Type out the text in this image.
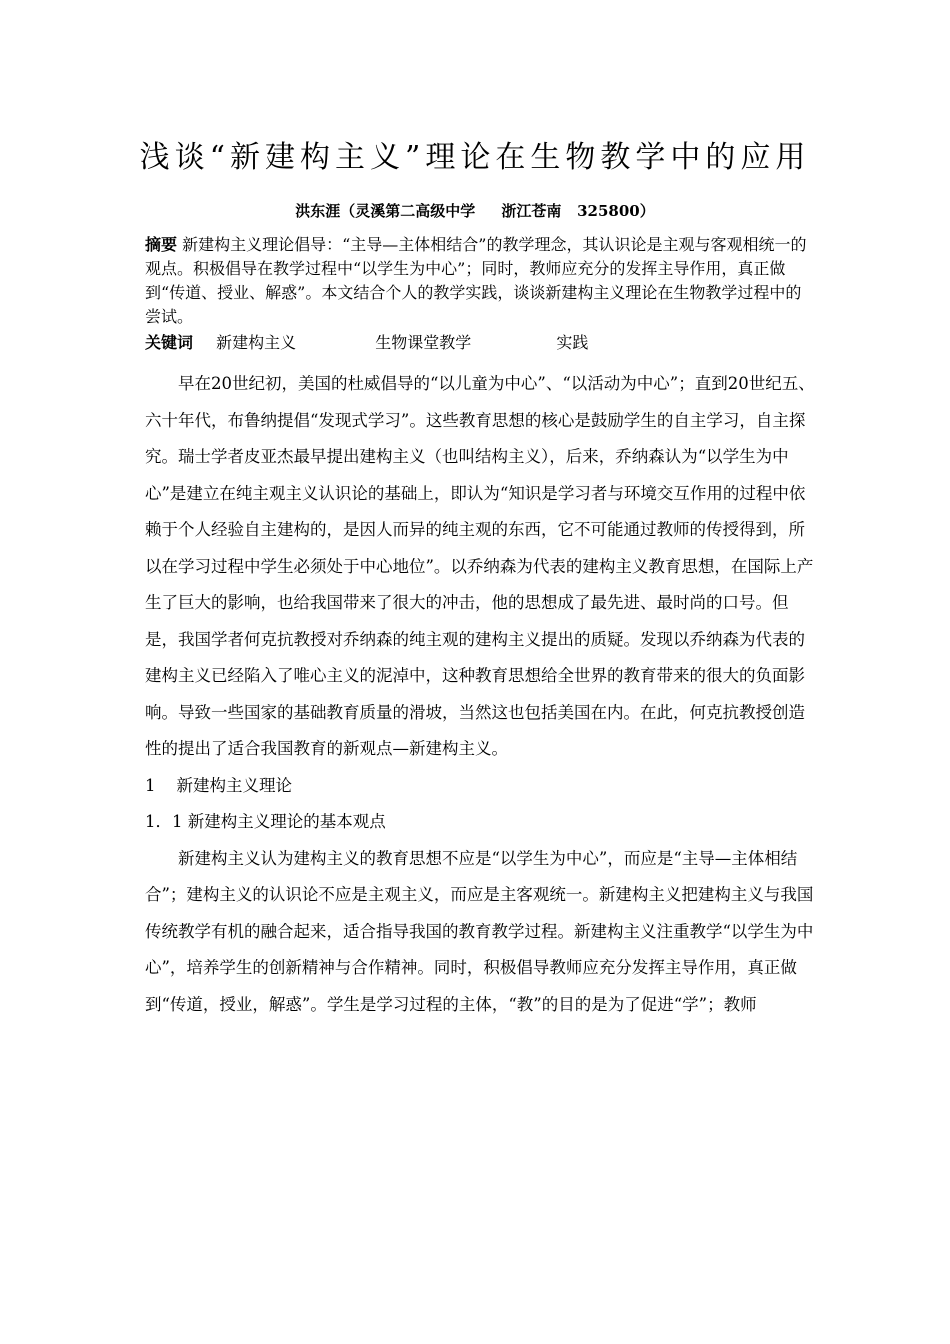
浅谈“新建构主义”理论在生物教学中的应用
洪东涯（灵溪第二高级中学     浙江苍南   325800）
摘要 新建构主义理论倡导：“主导—主体相结合”的教学理念，其认识论是主观与客观相统一的观点。积极倡导在教学过程中“以学生为中心”；同时，教师应充分的发挥主导作用，真正做到“传道、授业、解惑”。本文结合个人的教学实践，谈谈新建构主义理论在生物教学过程中的尝试。
关键词 新建构主义	生物课堂教学	实践

早在20世纪初，美国的杜威倡导的“以儿童为中心”、“以活动为中心”；直到20世纪五、六十年代，布鲁纳提倡“发现式学习”。这些教育思想的核心是鼓励学生的自主学习，自主探究。瑞士学者皮亚杰最早提出建构主义（也叫结构主义），后来，乔纳森认为“以学生为中心”是建立在纯主观主义认识论的基础上，即认为“知识是学习者与环境交互作用的过程中依赖于个人经验自主建构的，是因人而异的纯主观的东西，它不可能通过教师的传授得到，所以在学习过程中学生必须处于中心地位”。以乔纳森为代表的建构主义教育思想，在国际上产生了巨大的影响，也给我国带来了很大的冲击，他的思想成了最先进、最时尚的口号。但是，我国学者何克抗教授对乔纳森的纯主观的建构主义提出的质疑。发现以乔纳森为代表的建构主义已经陷入了唯心主义的泥淖中，这种教育思想给全世界的教育带来的很大的负面影响。导致一些国家的基础教育质量的滑坡，当然这也包括美国在内。在此，何克抗教授创造性的提出了适合我国教育的新观点—新建构主义。

1    新建构主义理论

1．1 新建构主义理论的基本观点

新建构主义认为建构主义的教育思想不应是“以学生为中心”，而应是“主导—主体相结合”；建构主义的认识论不应是主观主义，而应是主客观统一。新建构主义把建构主义与我国传统教学有机的融合起来，适合指导我国的教育教学过程。新建构主义注重教学“以学生为中心”，培养学生的创新精神与合作精神。同时，积极倡导教师应充分发挥主导作用，真正做到“传道，授业，解惑”。学生是学习过程的主体，“教”的目的是为了促进“学”；教师
